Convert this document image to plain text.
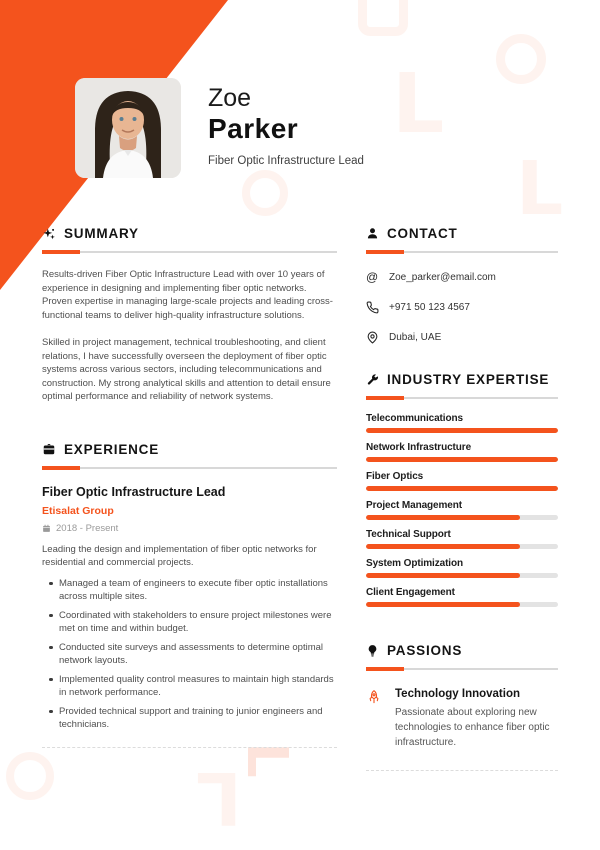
L
L
L
L
Zoe
Parker
Fiber Optic Infrastructure Lead
SUMMARY

Results-driven Fiber Optic Infrastructure Lead with over 10 years of experience in designing and implementing fiber optic networks. Proven expertise in managing large-scale projects and leading cross-functional teams to deliver high-quality infrastructure solutions.

Skilled in project management, technical troubleshooting, and client relations, I have successfully overseen the deployment of fiber optic systems across various sectors, including telecommunications and construction. My strong analytical skills and attention to detail ensure optimal performance and reliability of network systems.

EXPERIENCE
Fiber Optic Infrastructure Lead
Etisalat Group
2018 - Present

Leading the design and implementation of fiber optic networks for residential and commercial projects.

Managed a team of engineers to execute fiber optic installations across multiple sites.
Coordinated with stakeholders to ensure project milestones were met on time and within budget.
Conducted site surveys and assessments to determine optimal network layouts.
Implemented quality control measures to maintain high standards in network performance.
Provided technical support and training to junior engineers and technicians.
CONTACT
@ Zoe_parker@email.com
+971 50 123 4567
Dubai, UAE
INDUSTRY EXPERTISE
Telecommunications
Network Infrastructure
Fiber Optics
Project Management
Technical Support
System Optimization
Client Engagement
PASSIONS
Technology Innovation

Passionate about exploring new technologies to enhance fiber optic infrastructure.
